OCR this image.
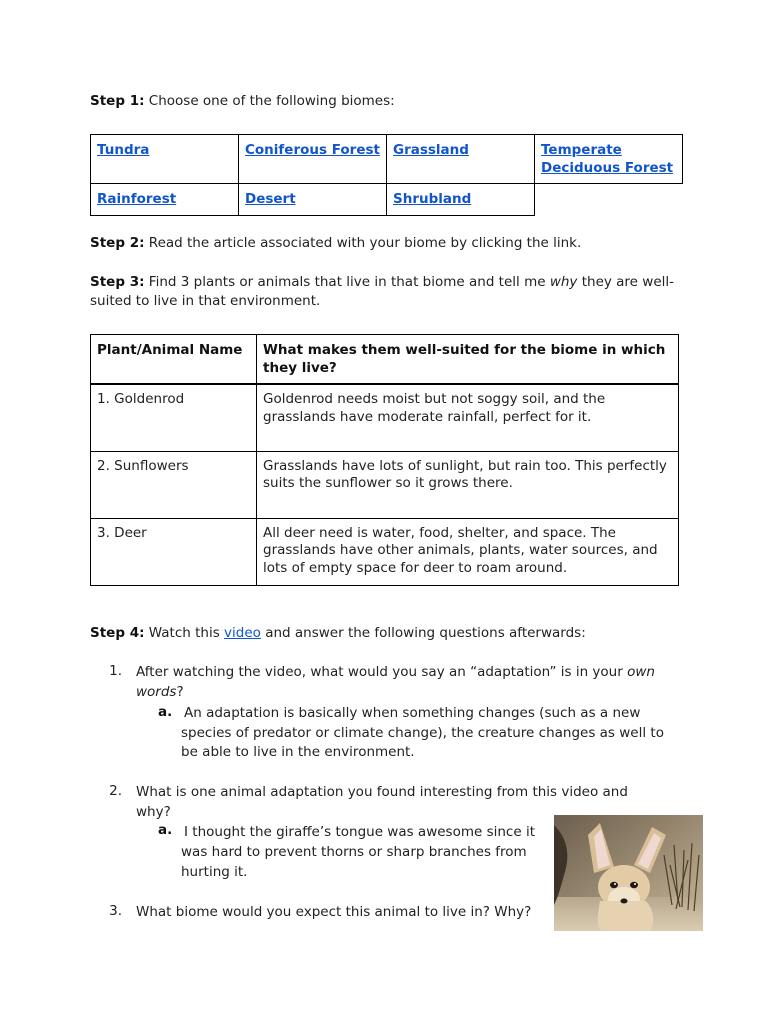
Step 1: Choose one of the following biomes:
Tundra	Coniferous Forest	Grassland	Temperate Deciduous Forest
Rainforest	Desert	Shrubland	
Step 2: Read the article associated with your biome by clicking the link.
Step 3: Find 3 plants or animals that live in that biome and tell me why they are well-suited to live in that environment.
Plant/Animal Name	What makes them well-suited for the biome in which they live?
1. Goldenrod	Goldenrod needs moist but not soggy soil, and the grasslands have moderate rainfall, perfect for it.
2. Sunflowers	Grasslands have lots of sunlight, but rain too. This perfectly suits the sunflower so it grows there.
3. Deer	All deer need is water, food, shelter, and space. The grasslands have other animals, plants, water sources, and lots of empty space for deer to roam around.
Step 4: Watch this video and answer the following questions afterwards:
1. After watching the video, what would you say an “adaptation” is in your own words?
a. An adaptation is basically when something changes (such as a new species of predator or climate change), the creature changes as well to be able to live in the environment.
2. What is one animal adaptation you found interesting from this video and why?
a. I thought the giraffe’s tongue was awesome since it was hard to prevent thorns or sharp branches from hurting it.
3. What biome would you expect this animal to live in? Why?
